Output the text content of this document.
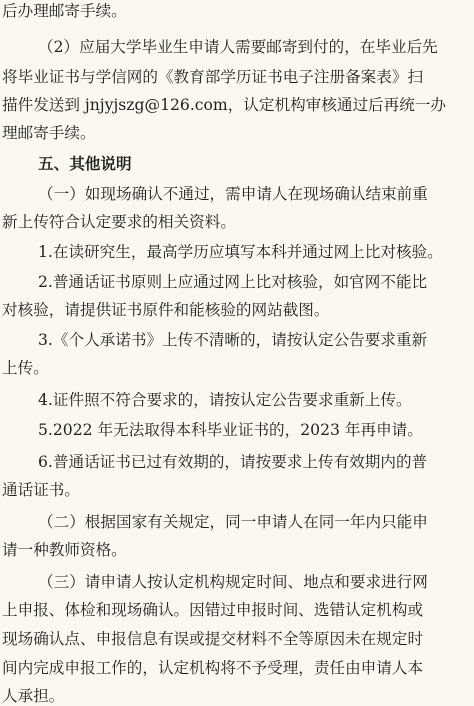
后办理邮寄手续。
（2）应届大学毕业生申请人需要邮寄到付的，在毕业后先
将毕业证书与学信网的《教育部学历证书电子注册备案表》扫
描件发送到 jnjyjszg@126.com，认定机构审核通过后再统一办
理邮寄手续。
五、其他说明
（一）如现场确认不通过，需申请人在现场确认结束前重
新上传符合认定要求的相关资料。
1.在读研究生，最高学历应填写本科并通过网上比对核验。
2.普通话证书原则上应通过网上比对核验，如官网不能比
对核验，请提供证书原件和能核验的网站截图。
3.《个人承诺书》上传不清晰的，请按认定公告要求重新
上传。
4.证件照不符合要求的，请按认定公告要求重新上传。
5.2022 年无法取得本科毕业证书的，2023 年再申请。
6.普通话证书已过有效期的，请按要求上传有效期内的普
通话证书。
（二）根据国家有关规定，同一申请人在同一年内只能申
请一种教师资格。
（三）请申请人按认定机构规定时间、地点和要求进行网
上申报、体检和现场确认。因错过申报时间、选错认定机构或
现场确认点、申报信息有误或提交材料不全等原因未在规定时
间内完成申报工作的，认定机构将不予受理，责任由申请人本
人承担。
